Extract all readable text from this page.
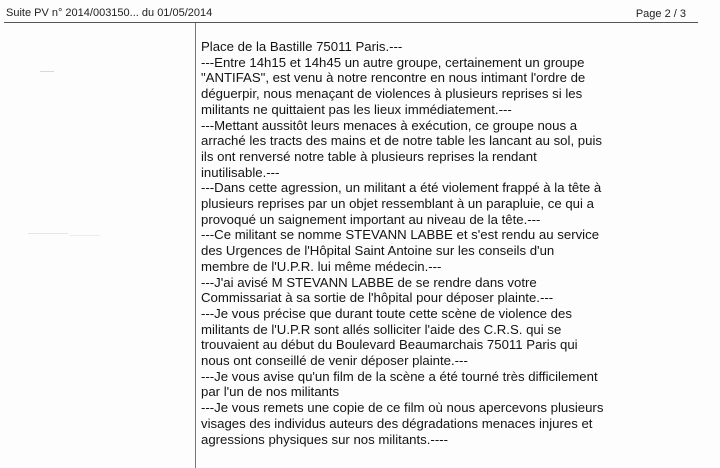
Suite PV n° 2014/003150... du 01/05/2014	Page 2 / 3

Place de la Bastille 75011 Paris.---

---Entre 14h15 et 14h45 un autre groupe, certainement un groupe

"ANTIFAS", est venu à notre rencontre en nous intimant l'ordre de

déguerpir, nous menaçant de violences à plusieurs reprises si les

militants ne quittaient pas les lieux immédiatement.---

---Mettant aussitôt leurs menaces à exécution, ce groupe nous a

arraché les tracts des mains et de notre table les lancant au sol, puis

ils ont renversé notre table à plusieurs reprises la rendant

inutilisable.---

---Dans cette agression, un militant a été violement frappé à la tête à

plusieurs reprises par un objet ressemblant à un parapluie, ce qui a

provoqué un saignement important au niveau de la tête.---

---Ce militant se nomme STEVANN LABBE et s'est rendu au service

des Urgences de l'Hôpital Saint Antoine sur les conseils d'un

membre de l'U.P.R. lui même médecin.---

---J'ai avisé M STEVANN LABBE de se rendre dans votre

Commissariat à sa sortie de l'hôpital pour déposer plainte.---

---Je vous précise que durant toute cette scène de violence des

militants de l'U.P.R sont allés solliciter l'aide des C.R.S. qui se

trouvaient au début du Boulevard Beaumarchais 75011 Paris qui

nous ont conseillé de venir déposer plainte.---

---Je vous avise qu'un film de la scène a été tourné très difficilement

par l'un de nos militants

---Je vous remets une copie de ce film où nous apercevons plusieurs

visages des individus auteurs des dégradations menaces injures et

agressions physiques sur nos militants.----
